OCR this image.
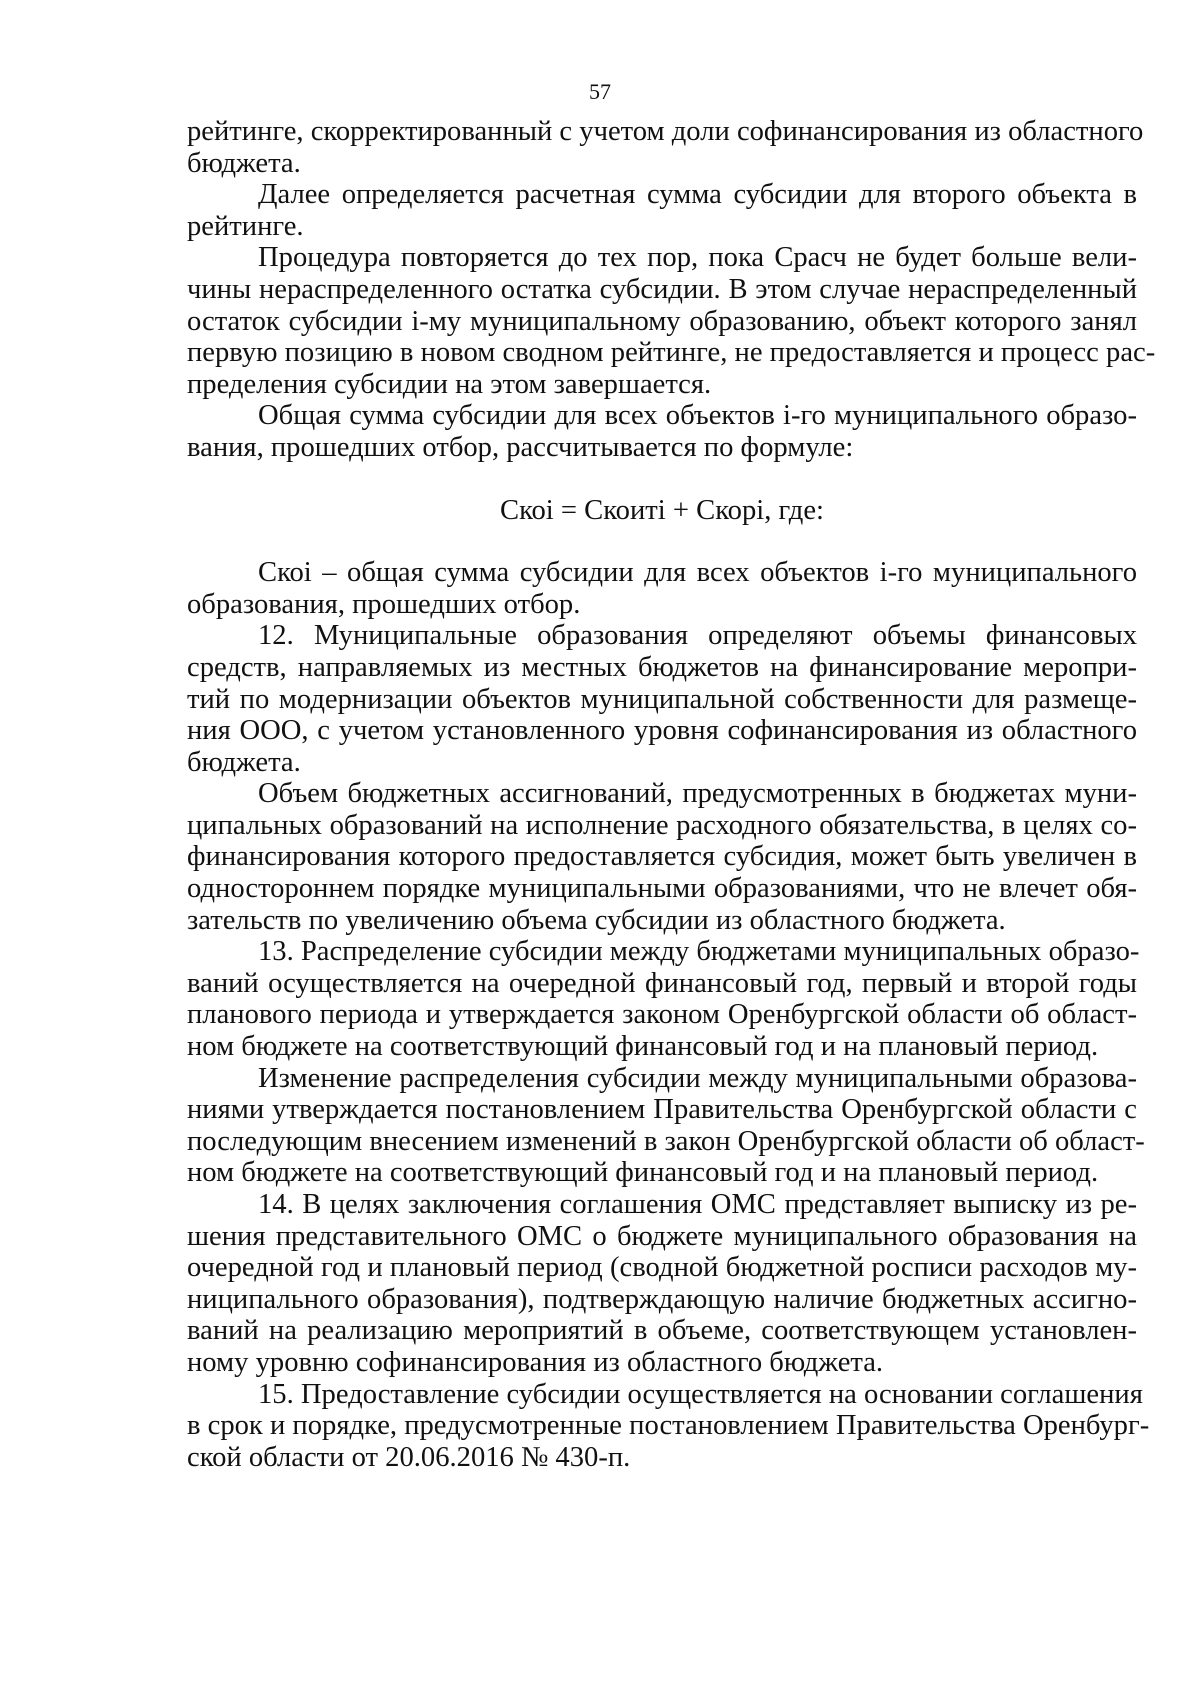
57
рейтинге, скорректированный с учетом доли софинансирования из областного
бюджета.
Далее определяется расчетная сумма субсидии для второго объекта в
рейтинге.
Процедура повторяется до тех пор, пока Срасч не будет больше вели-
чины нераспределенного остатка субсидии. В этом случае нераспределенный
остаток субсидии i-му муниципальному образованию, объект которого занял
первую позицию в новом сводном рейтинге, не предоставляется и процесс рас-
пределения субсидии на этом завершается.
Общая сумма субсидии для всех объектов i-го муниципального образо-
вания, прошедших отбор, рассчитывается по формуле:
Скоi = Скоитi + Скорi, где:
Скоi – общая сумма субсидии для всех объектов i-го муниципального
образования, прошедших отбор.
12. Муниципальные образования определяют объемы финансовых
средств, направляемых из местных бюджетов на финансирование меропри-
тий по модернизации объектов муниципальной собственности для размеще-
ния ООО, с учетом установленного уровня софинансирования из областного
бюджета.
Объем бюджетных ассигнований, предусмотренных в бюджетах муни-
ципальных образований на исполнение расходного обязательства, в целях со-
финансирования которого предоставляется субсидия, может быть увеличен в
одностороннем порядке муниципальными образованиями, что не влечет обя-
зательств по увеличению объема субсидии из областного бюджета.
13. Распределение субсидии между бюджетами муниципальных образо-
ваний осуществляется на очередной финансовый год, первый и второй годы
планового периода и утверждается законом Оренбургской области об област-
ном бюджете на соответствующий финансовый год и на плановый период.
Изменение распределения субсидии между муниципальными образова-
ниями утверждается постановлением Правительства Оренбургской области с
последующим внесением изменений в закон Оренбургской области об област-
ном бюджете на соответствующий финансовый год и на плановый период.
14. В целях заключения соглашения ОМС представляет выписку из ре-
шения представительного ОМС о бюджете муниципального образования на
очередной год и плановый период (сводной бюджетной росписи расходов му-
ниципального образования), подтверждающую наличие бюджетных ассигно-
ваний на реализацию мероприятий в объеме, соответствующем установлен-
ному уровню софинансирования из областного бюджета.
15. Предоставление субсидии осуществляется на основании соглашения
в срок и порядке, предусмотренные постановлением Правительства Оренбург-
ской области от 20.06.2016 № 430-п.
